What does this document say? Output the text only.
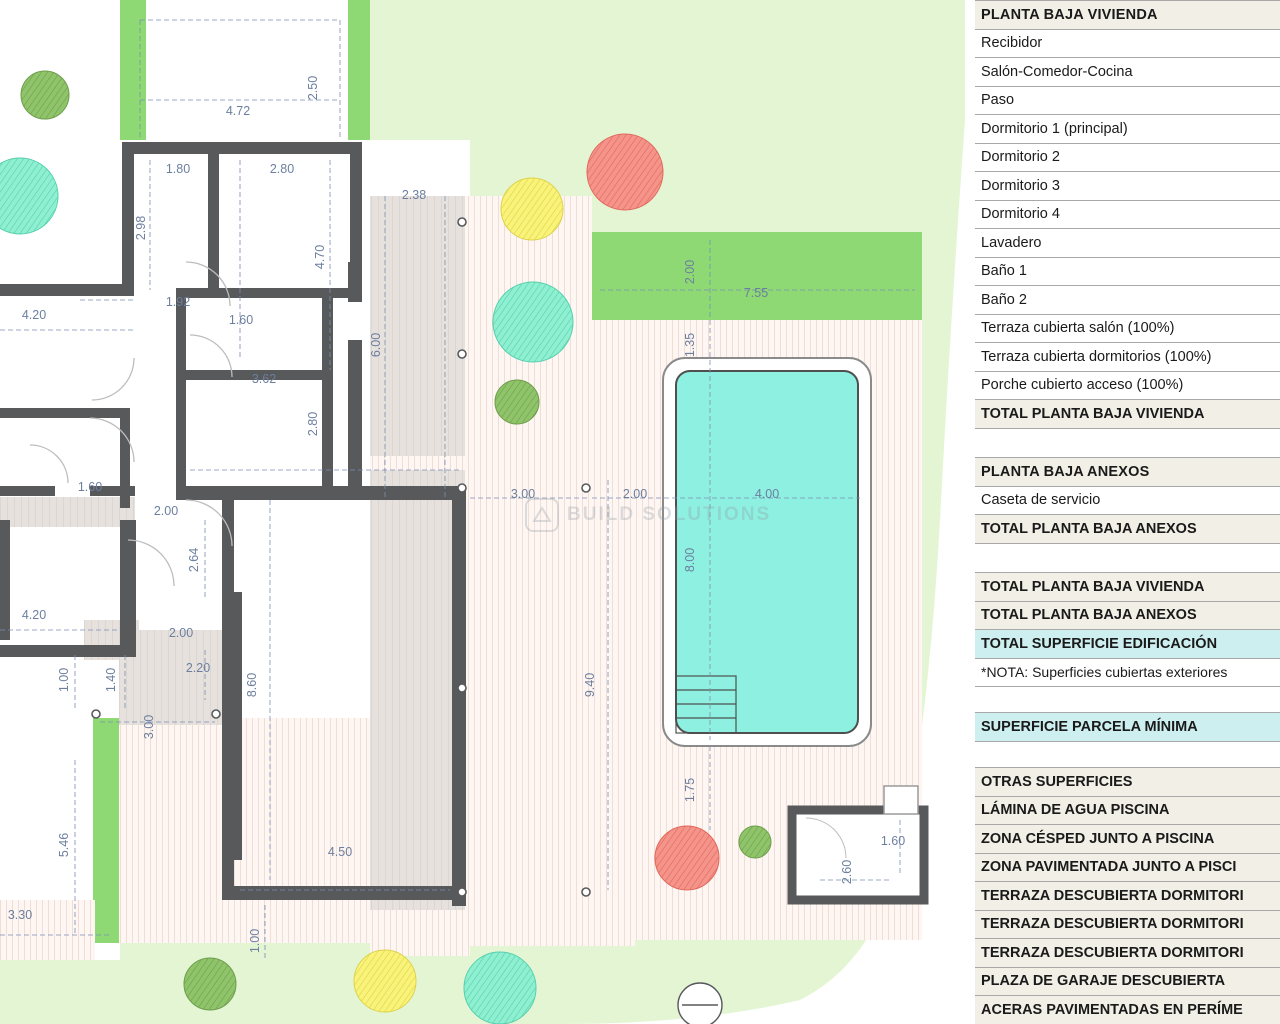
4.72
2.50
1.80	2.80
2.38
2.98
4.70
4.20
1.92
1.60
6.00
2.00
7.55
1.35
3.62
2.80
4.00
3.00	2.00
8.00
1.60
2.00
2.64
4.20
2.00
2.20
8.60	9.40
1.40
1.00
3.00
1.75
5.46	4.50
2.60
1.60
3.30
1.00
BUILD SOLUTIONS
PLANTA BAJA VIVIENDA
Recibidor
Salón-Comedor-Cocina
Paso
Dormitorio 1 (principal)
Dormitorio 2
Dormitorio 3
Dormitorio 4
Lavadero
Baño 1
Baño 2
Terraza cubierta salón (100%)
Terraza cubierta dormitorios (100%)
Porche cubierto acceso (100%)
TOTAL PLANTA BAJA VIVIENDA
PLANTA BAJA ANEXOS
Caseta de servicio
TOTAL PLANTA BAJA ANEXOS
TOTAL PLANTA BAJA VIVIENDA
TOTAL PLANTA BAJA ANEXOS
TOTAL SUPERFICIE EDIFICACIÓN
*NOTA: Superficies cubiertas exteriores
SUPERFICIE PARCELA MÍNIMA
OTRAS SUPERFICIES
LÁMINA DE AGUA PISCINA
ZONA CÉSPED JUNTO A PISCINA
ZONA PAVIMENTADA JUNTO A PISCI
TERRAZA DESCUBIERTA DORMITORI
TERRAZA DESCUBIERTA DORMITORI
TERRAZA DESCUBIERTA DORMITORI
PLAZA DE GARAJE DESCUBIERTA
ACERAS PAVIMENTADAS EN PERÍME
